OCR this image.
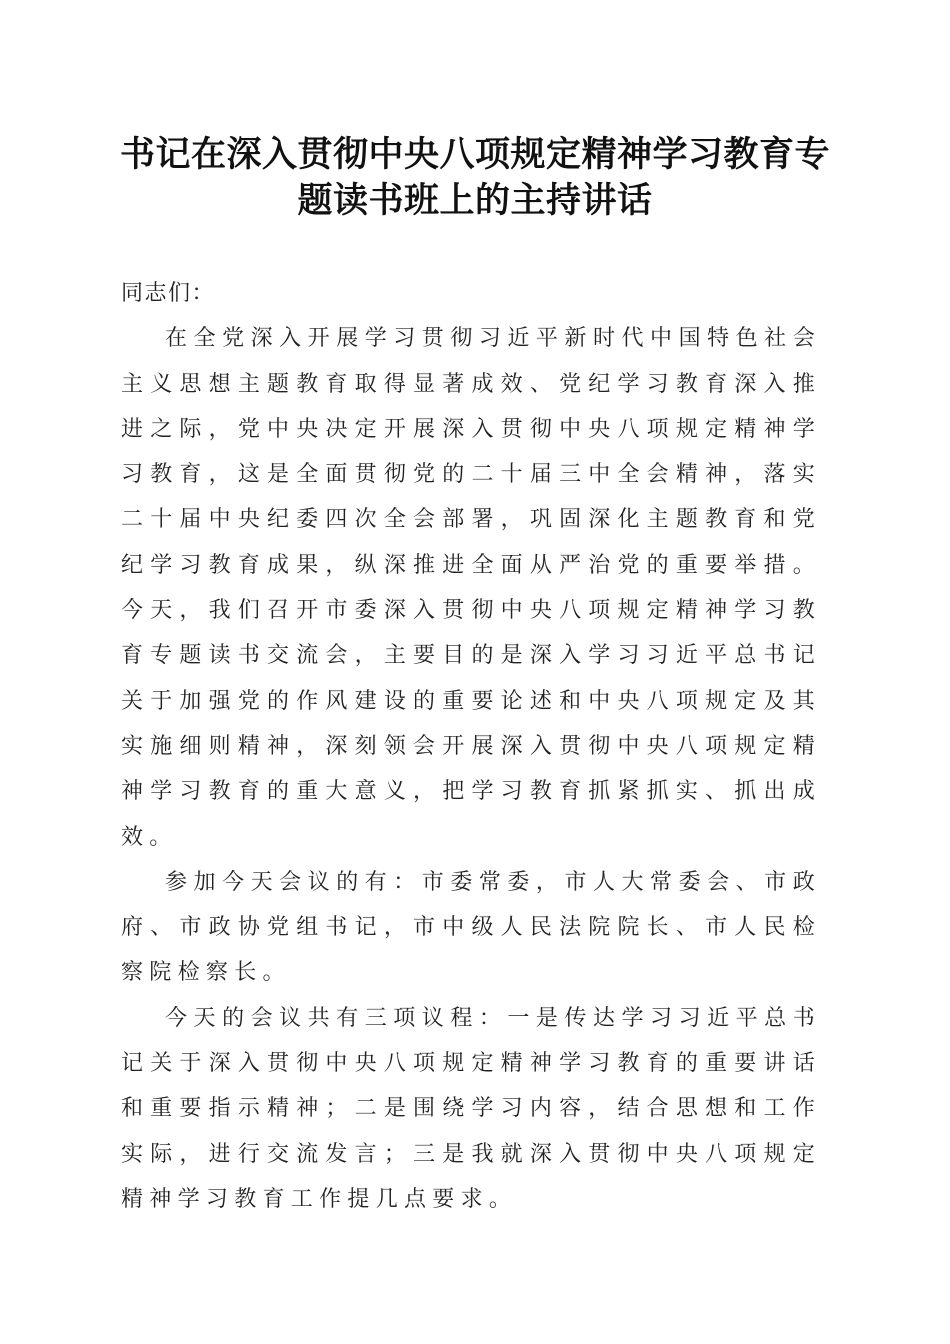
书记在深入贯彻中央八项规定精神学习教育专
题读书班上的主持讲话

同志们：

在全党深入开展学习贯彻习近平新时代中国特色社会主义思想主题教育取得显著成效、党纪学习教育深入推进之际，党中央决定开展深入贯彻中央八项规定精神学习教育，这是全面贯彻党的二十届三中全会精神，落实二十届中央纪委四次全会部署，巩固深化主题教育和党纪学习教育成果，纵深推进全面从严治党的重要举措。今天，我们召开市委深入贯彻中央八项规定精神学习教育专题读书交流会，主要目的是深入学习习近平总书记关于加强党的作风建设的重要论述和中央八项规定及其实施细则精神，深刻领会开展深入贯彻中央八项规定精神学习教育的重大意义，把学习教育抓紧抓实、抓出成效。

参加今天会议的有：市委常委，市人大常委会、市政府、市政协党组书记，市中级人民法院院长、市人民检察院检察长。

今天的会议共有三项议程：一是传达学习习近平总书记关于深入贯彻中央八项规定精神学习教育的重要讲话和重要指示精神；二是围绕学习内容，结合思想和工作实际，进行交流发言；三是我就深入贯彻中央八项规定精神学习教育工作提几点要求。
